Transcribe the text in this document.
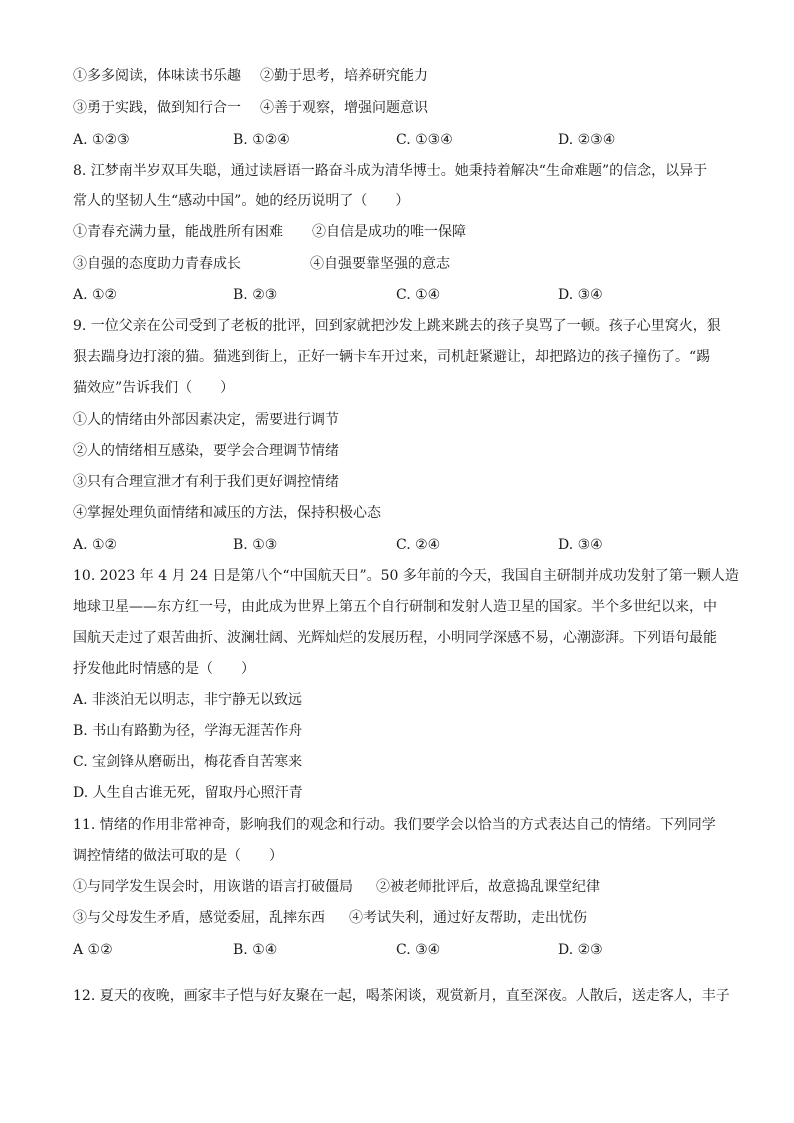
①多多阅读，体味读书乐趣 ②勤于思考，培养研究能力
③勇于实践，做到知行合一 ④善于观察，增强问题意识
A. ①②③	B. ①②④	C. ①③④	D. ②③④
8. 江梦南半岁双耳失聪，通过读唇语一路奋斗成为清华博士。她秉持着解决“生命难题”的信念，以异于
常人的坚韧人生“感动中国”。她的经历说明了（　　）
①青春充满力量，能战胜所有困难 ②自信是成功的唯一保障
③自强的态度助力青春成长	④自强要靠坚强的意志
A. ①②	B. ②③	C. ①④	D. ③④
9. 一位父亲在公司受到了老板的批评，回到家就把沙发上跳来跳去的孩子臭骂了一顿。孩子心里窝火，狠
狠去踹身边打滚的猫。猫逃到街上，正好一辆卡车开过来，司机赶紧避让，却把路边的孩子撞伤了。“踢
猫效应”告诉我们（　　）
①人的情绪由外部因素决定，需要进行调节
②人的情绪相互感染，要学会合理调节情绪
③只有合理宣泄才有利于我们更好调控情绪
④掌握处理负面情绪和减压的方法，保持积极心态
A. ①②	B. ①③	C. ②④	D. ③④
10. 2023 年 4 月 24 日是第八个“中国航天日”。50 多年前的今天，我国自主研制并成功发射了第一颗人造
地球卫星——东方红一号，由此成为世界上第五个自行研制和发射人造卫星的国家。半个多世纪以来，中
国航天走过了艰苦曲折、波澜壮阔、光辉灿烂的发展历程，小明同学深感不易，心潮澎湃。下列语句最能
抒发他此时情感的是（　　）
A. 非淡泊无以明志，非宁静无以致远
B. 书山有路勤为径，学海无涯苦作舟
C. 宝剑锋从磨砺出，梅花香自苦寒来
D. 人生自古谁无死，留取丹心照汗青
11. 情绪的作用非常神奇，影响我们的观念和行动。我们要学会以恰当的方式表达自己的情绪。下列同学
调控情绪的做法可取的是（　　）
①与同学发生误会时，用诙谐的语言打破僵局 ②被老师批评后，故意捣乱课堂纪律
③与父母发生矛盾，感觉委屈，乱摔东西 ④考试失利，通过好友帮助，走出忧伤
A ①②	B. ①④	C. ③④	D. ②③
12. 夏天的夜晚，画家丰子恺与好友聚在一起，喝茶闲谈，观赏新月，直至深夜。人散后，送走客人，丰子
